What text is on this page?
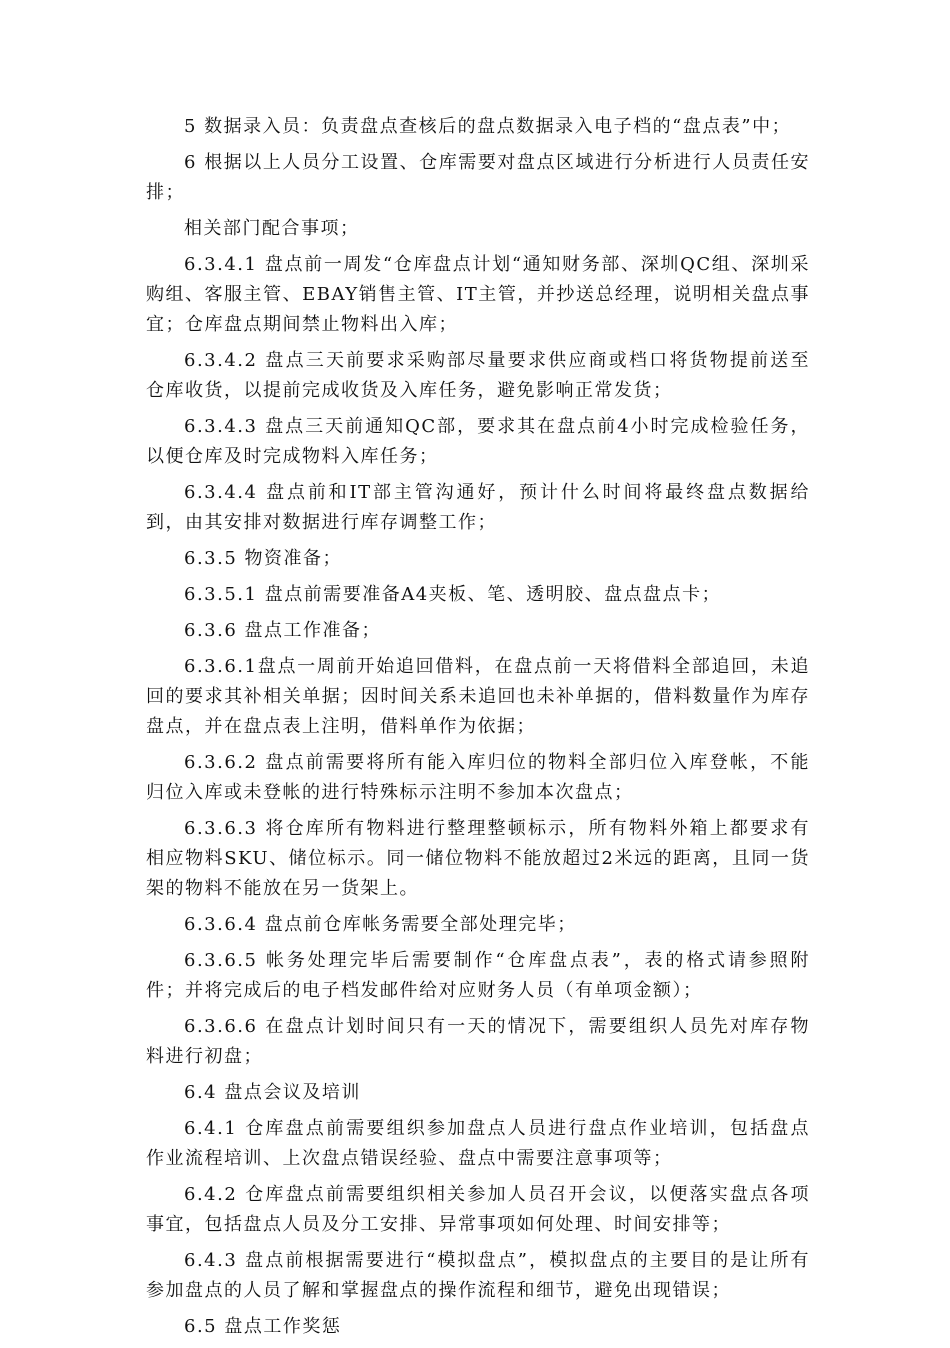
5 数据录入员：负责盘点查核后的盘点数据录入电子档的“盘点表”中；

6 根据以上人员分工设置、仓库需要对盘点区域进行分析进行人员责任安排；

相关部门配合事项；

6.3.4.1 盘点前一周发“仓库盘点计划“通知财务部、深圳QC组、深圳采购组、客服主管、EBAY销售主管、IT主管，并抄送总经理，说明相关盘点事宜；仓库盘点期间禁止物料出入库；

6.3.4.2 盘点三天前要求采购部尽量要求供应商或档口将货物提前送至仓库收货，以提前完成收货及入库任务，避免影响正常发货；

6.3.4.3 盘点三天前通知QC部，要求其在盘点前4小时完成检验任务，以便仓库及时完成物料入库任务；

6.3.4.4 盘点前和IT部主管沟通好，预计什么时间将最终盘点数据给到，由其安排对数据进行库存调整工作；

6.3.5 物资准备；

6.3.5.1 盘点前需要准备A4夹板、笔、透明胶、盘点盘点卡；

6.3.6 盘点工作准备；

6.3.6.1盘点一周前开始追回借料，在盘点前一天将借料全部追回，未追回的要求其补相关单据；因时间关系未追回也未补单据的，借料数量作为库存盘点，并在盘点表上注明，借料单作为依据；

6.3.6.2 盘点前需要将所有能入库归位的物料全部归位入库登帐，不能归位入库或未登帐的进行特殊标示注明不参加本次盘点；

6.3.6.3 将仓库所有物料进行整理整顿标示，所有物料外箱上都要求有相应物料SKU、储位标示。同一储位物料不能放超过2米远的距离，且同一货架的物料不能放在另一货架上。

6.3.6.4 盘点前仓库帐务需要全部处理完毕；

6.3.6.5 帐务处理完毕后需要制作“仓库盘点表”，表的格式请参照附件；并将完成后的电子档发邮件给对应财务人员（有单项金额）；

6.3.6.6 在盘点计划时间只有一天的情况下，需要组织人员先对库存物料进行初盘；

6.4 盘点会议及培训

6.4.1 仓库盘点前需要组织参加盘点人员进行盘点作业培训，包括盘点作业流程培训、上次盘点错误经验、盘点中需要注意事项等；

6.4.2 仓库盘点前需要组织相关参加人员召开会议，以便落实盘点各项事宜，包括盘点人员及分工安排、异常事项如何处理、时间安排等；

6.4.3 盘点前根据需要进行“模拟盘点”，模拟盘点的主要目的是让所有参加盘点的人员了解和掌握盘点的操作流程和细节，避免出现错误；

6.5 盘点工作奖惩
